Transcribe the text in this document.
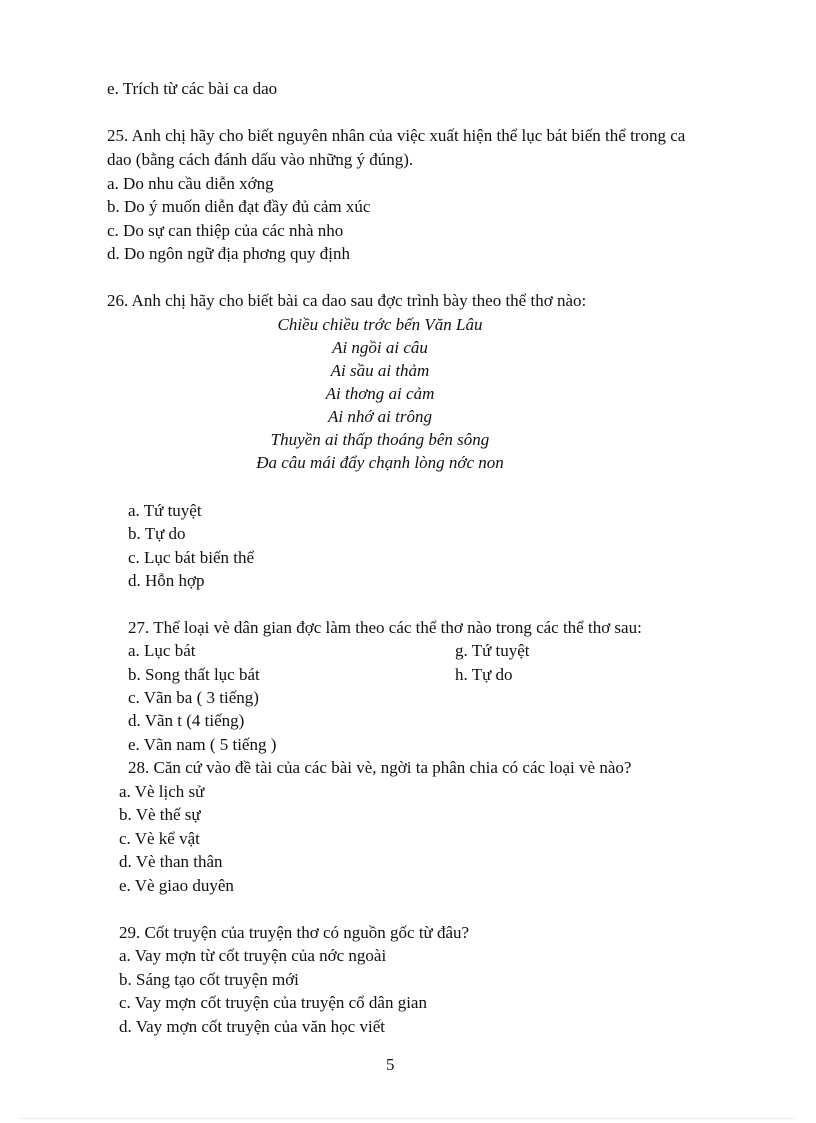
e. Trích từ các bài ca dao
25. Anh chị hãy cho biết nguyên nhân của việc xuất hiện thể lục bát biến thể trong ca
dao (bằng cách đánh dấu vào những ý đúng).
a. Do nhu cầu diễn xớng
b. Do ý muốn diễn đạt đầy đủ cảm xúc
c. Do sự can thiệp của các nhà nho
d. Do ngôn ngữ địa phơng quy định
26. Anh chị hãy cho biết bài ca dao sau đợc trình bày theo thể thơ nào:
Chiều chiều trớc bến Văn Lâu
Ai ngồi ai câu
Ai sầu ai thảm
Ai thơng ai cảm
Ai nhớ ai trông
Thuyền ai thấp thoáng bên sông
Đa câu mái đẩy chạnh lòng nớc non
a. Tứ tuyệt
b. Tự do
c. Lục bát biến thể
d. Hỗn hợp
27. Thể loại vè dân gian đợc làm theo các thể thơ nào trong các thể thơ sau:
a. Lục bát	g. Tứ tuyệt
b. Song thất lục bát	h. Tự do
c. Vãn ba ( 3 tiếng)
d. Vãn t (4 tiếng)
e. Vãn nam ( 5 tiếng )
28. Căn cứ vào đề tài của các bài vè, ngời ta phân chia có các loại vè nào?
a. Vè lịch sử
b. Vè thế sự
c. Vè kể vật
d. Vè than thân
e. Vè giao duyên
29. Cốt truyện của truyện thơ có nguồn gốc từ đâu?
a. Vay mợn từ cốt truyện của nớc ngoài
b. Sáng tạo cốt truyện mới
c. Vay mợn cốt truyện của truyện cổ dân gian
d. Vay mợn cốt truyện của văn học viết
5
